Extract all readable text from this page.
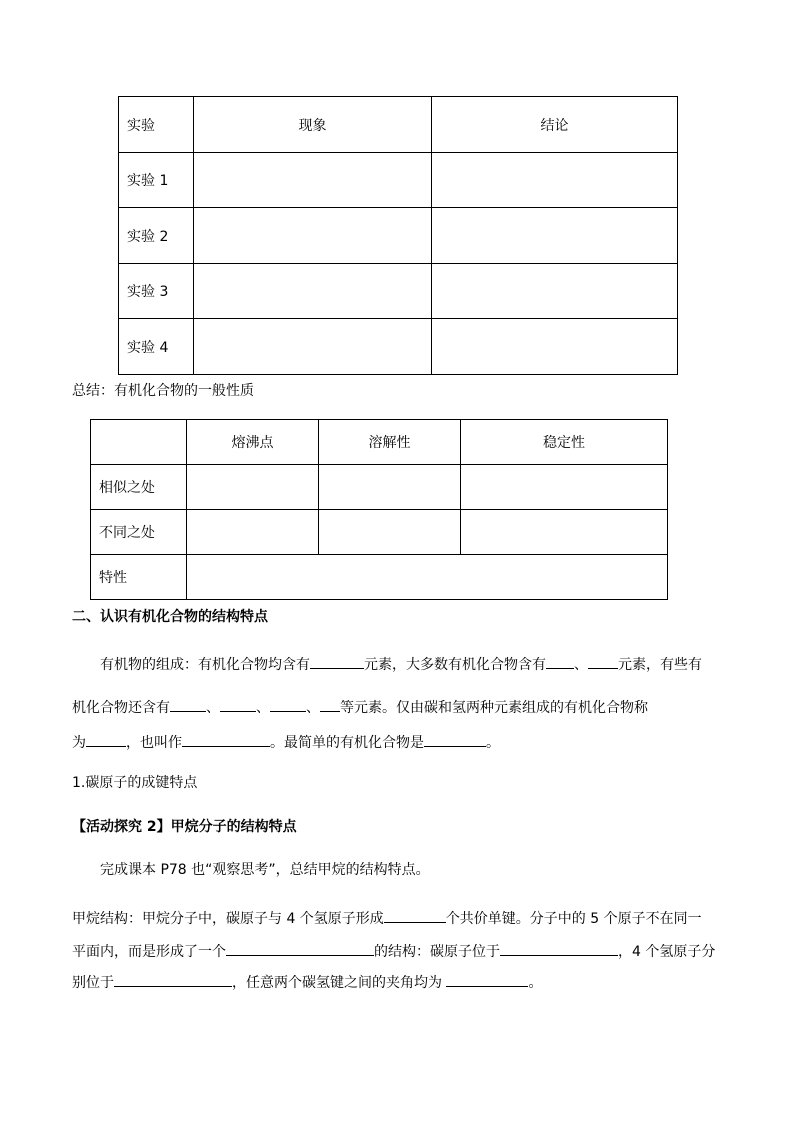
实验	现象	结论
实验 1		
实验 2		
实验 3		
实验 4		
总结：有机化合物的一般性质
	熔沸点	溶解性	稳定性
相似之处			
不同之处			
特性			
二、认识有机化合物的结构特点
有机物的组成：有机化合物均含有	元素，大多数有机化合物含有 、 元素，有些有
机化合物还含有	、	、	、 等元素。仅由碳和氢两种元素组成的有机化合物称
为	，也叫作	。最简单的有机化合物是	。
1.碳原子的成键特点
【活动探究 2】甲烷分子的结构特点
完成课本 P78 也“观察思考”，总结甲烷的结构特点。
甲烷结构：甲烷分子中，碳原子与 4 个氢原子形成	个共价单键。分子中的 5 个原子不在同一
平面内，而是形成了一个	的结构：碳原子位于	，4 个氢原子分
别位于	，任意两个碳氢键之间的夹角均为	。
